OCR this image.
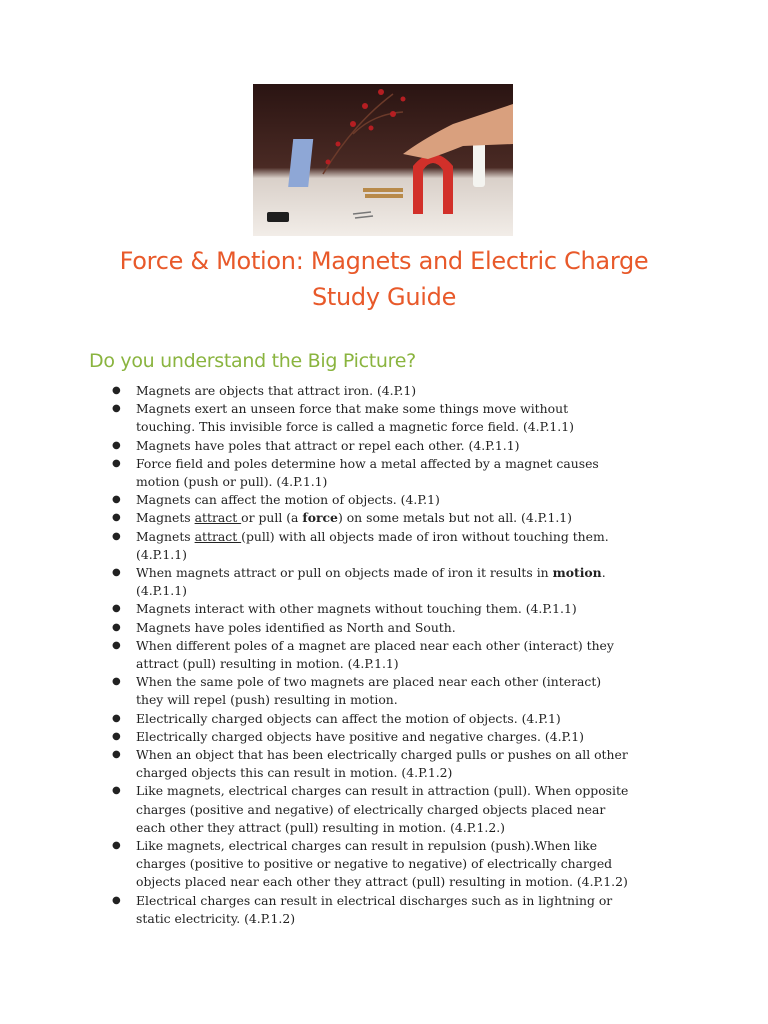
Force & Motion: Magnets and Electric Charge
Study Guide
Do you understand the Big Picture?
● Magnets are objects that attract iron. (4.P.1)
● Magnets exert an unseen force that make some things move without
touching. This invisible force is called a magnetic force field. (4.P.1.1)
● Magnets have poles that attract or repel each other. (4.P.1.1)
● Force field and poles determine how a metal affected by a magnet causes
motion (push or pull). (4.P.1.1)
● Magnets can affect the motion of objects. (4.P.1)
● Magnets attract or pull (a force) on some metals but not all. (4.P.1.1)
● Magnets attract (pull) with all objects made of iron without touching them.
(4.P.1.1)
● When magnets attract or pull on objects made of iron it results in motion.
(4.P.1.1)
● Magnets interact with other magnets without touching them. (4.P.1.1)
● Magnets have poles identified as North and South.
● When different poles of a magnet are placed near each other (interact) they
attract (pull) resulting in motion. (4.P.1.1)
● When the same pole of two magnets are placed near each other (interact)
they will repel (push) resulting in motion.
● Electrically charged objects can affect the motion of objects. (4.P.1)
● Electrically charged objects have positive and negative charges. (4.P.1)
● When an object that has been electrically charged pulls or pushes on all other
charged objects this can result in motion. (4.P.1.2)
● Like magnets, electrical charges can result in attraction (pull). When opposite
charges (positive and negative) of electrically charged objects placed near
each other they attract (pull) resulting in motion. (4.P.1.2.)
● Like magnets, electrical charges can result in repulsion (push).When like
charges (positive to positive or negative to negative) of electrically charged
objects placed near each other they attract (pull) resulting in motion. (4.P.1.2)
● Electrical charges can result in electrical discharges such as in lightning or
static electricity. (4.P.1.2)
